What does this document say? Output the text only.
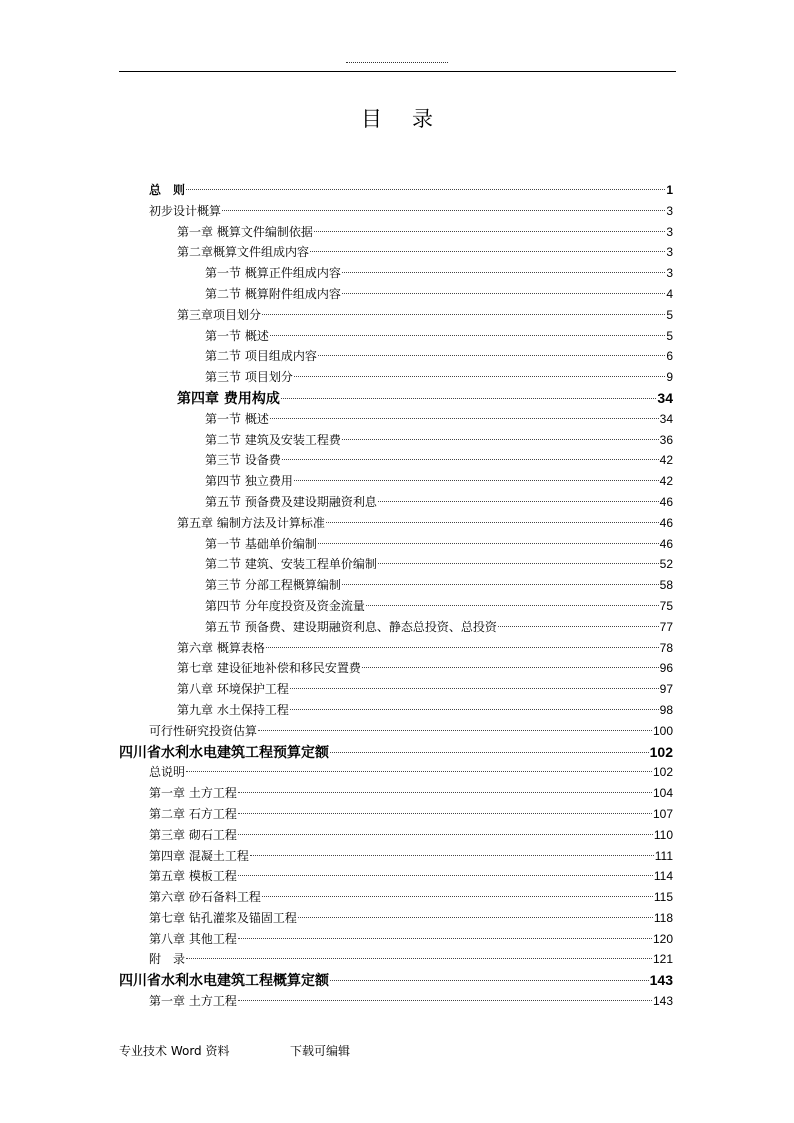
目录
总　则	1
初步设计概算	3
第一章 概算文件编制依据	3
第二章概算文件组成内容	3
第一节 概算正件组成内容	3
第二节 概算附件组成内容	4
第三章项目划分	5
第一节 概述	5
第二节 项目组成内容	6
第三节 项目划分	9
第四章 费用构成	34
第一节 概述	34
第二节 建筑及安装工程费	36
第三节 设备费	42
第四节 独立费用	42
第五节 预备费及建设期融资利息	46
第五章 编制方法及计算标准	46
第一节 基础单价编制	46
第二节 建筑、安装工程单价编制	52
第三节 分部工程概算编制	58
第四节 分年度投资及资金流量	75
第五节 预备费、建设期融资利息、静态总投资、总投资	77
第六章 概算表格	78
第七章 建设征地补偿和移民安置费	96
第八章 环境保护工程	97
第九章 水土保持工程	98
可行性研究投资估算	100
四川省水利水电建筑工程预算定额	102
总说明	102
第一章 土方工程	104
第二章 石方工程	107
第三章 砌石工程	110
第四章 混凝土工程	111
第五章 模板工程	114
第六章 砂石备料工程	115
第七章 钻孔灌浆及锚固工程	118
第八章 其他工程	120
附　录	121
四川省水利水电建筑工程概算定额	143
第一章 土方工程	143
专业技术 Word 资料	下载可编辑
